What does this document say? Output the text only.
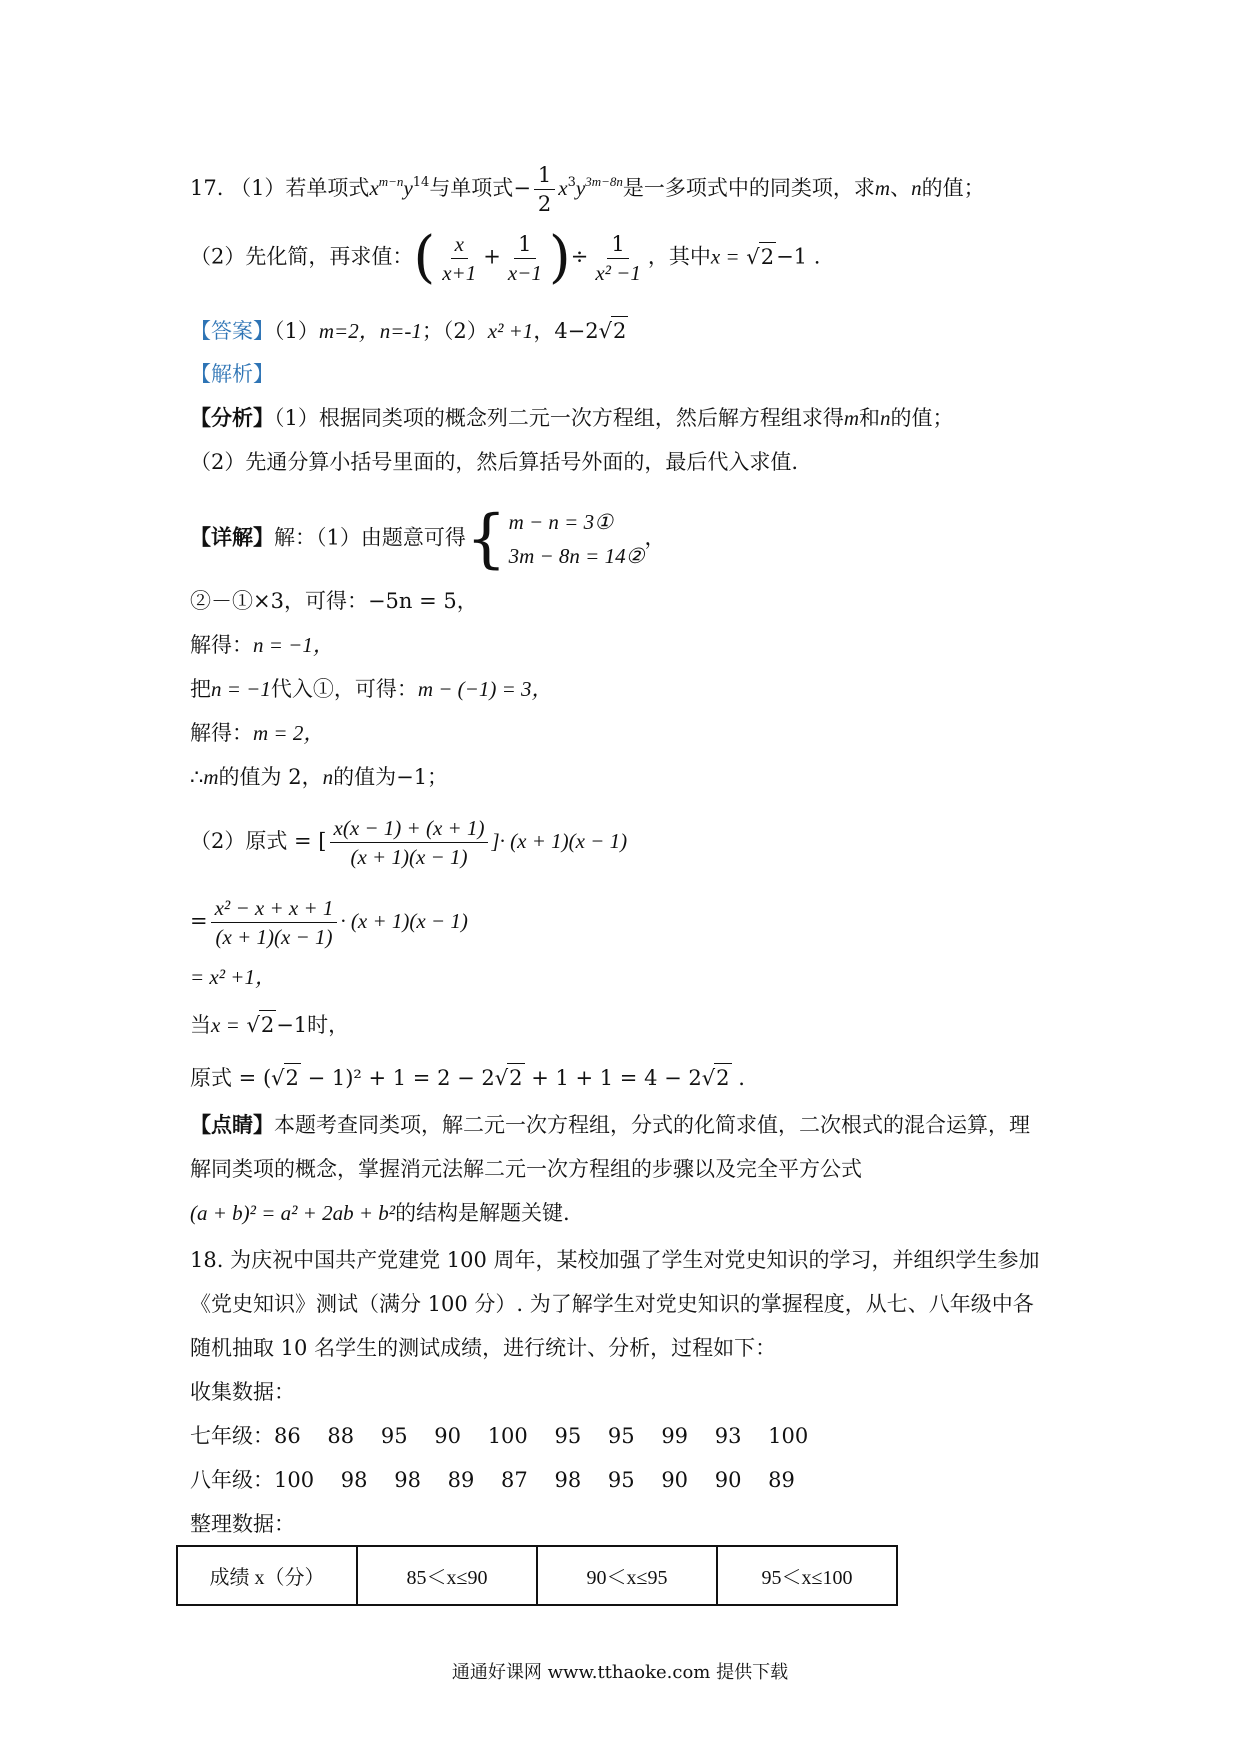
17. （1）若单项式$x^{m-n}y^{14}$与单项式− $\frac{1}{2} x^3y^{3m-8n}$是一多项式中的同类项，求m、n的值；
（2）先化简，再求值：( $\frac{x}{x+1} + \frac{1}{x-1}$ )÷ $\frac{1}{\text{x² −1}}$ ，其中x = √ 2 −1 .
【答案】（1）m=2，n=-1；（2）x² +1，4−2 √ 2
【解析】
【分析】（1）根据同类项的概念列二元一次方程组，然后解方程组求得m和n的值；
（2）先通分算小括号里面的，然后算括号外面的，最后代入求值.
【详解】解：（1）由题意可得{ m − n = 3①
3m − 8n = 14②
，
②－①×3，可得：−5n = 5，
解得：n = −1，
把n = −1代入①，可得：m − (−1) = 3，
解得：m = 2，
∴m的值为 2，n的值为−1；
（2）原式 = [ $\frac{x(x - 1) + (x + 1)}{(x + 1)(x - 1)}$ ]· (x + 1)(x − 1)
= $\frac{\text{x² − x + x + 1}}{(x + 1)(x - 1)} \cdot (x + 1)(x - 1)$
= x² +1，
当x = √ 2 −1时，
原式 = ( √ 2 − 1)² + 1 = 2 − 2 √ 2 + 1 + 1 = 4 − 2 √ 2 .
【点睛】本题考查同类项，解二元一次方程组，分式的化简求值，二次根式的混合运算，理
解同类项的概念，掌握消元法解二元一次方程组的步骤以及完全平方公式
(a + b)² = a² + 2ab + b²的结构是解题关键.
18. 为庆祝中国共产党建党 100 周年，某校加强了学生对党史知识的学习，并组织学生参加
《党史知识》测试（满分 100 分）. 为了解学生对党史知识的掌握程度，从七、八年级中各
随机抽取 10 名学生的测试成绩，进行统计、分析，过程如下：
收集数据：
七年级：86    88    95    90    100    95    95    99    93    100
八年级：100    98    98    89    87    98    95    90    90    89
整理数据：
成绩 x（分）	85＜x≤90	90＜x≤95	95＜x≤100
通通好课网 www.tthaoke.com 提供下载
